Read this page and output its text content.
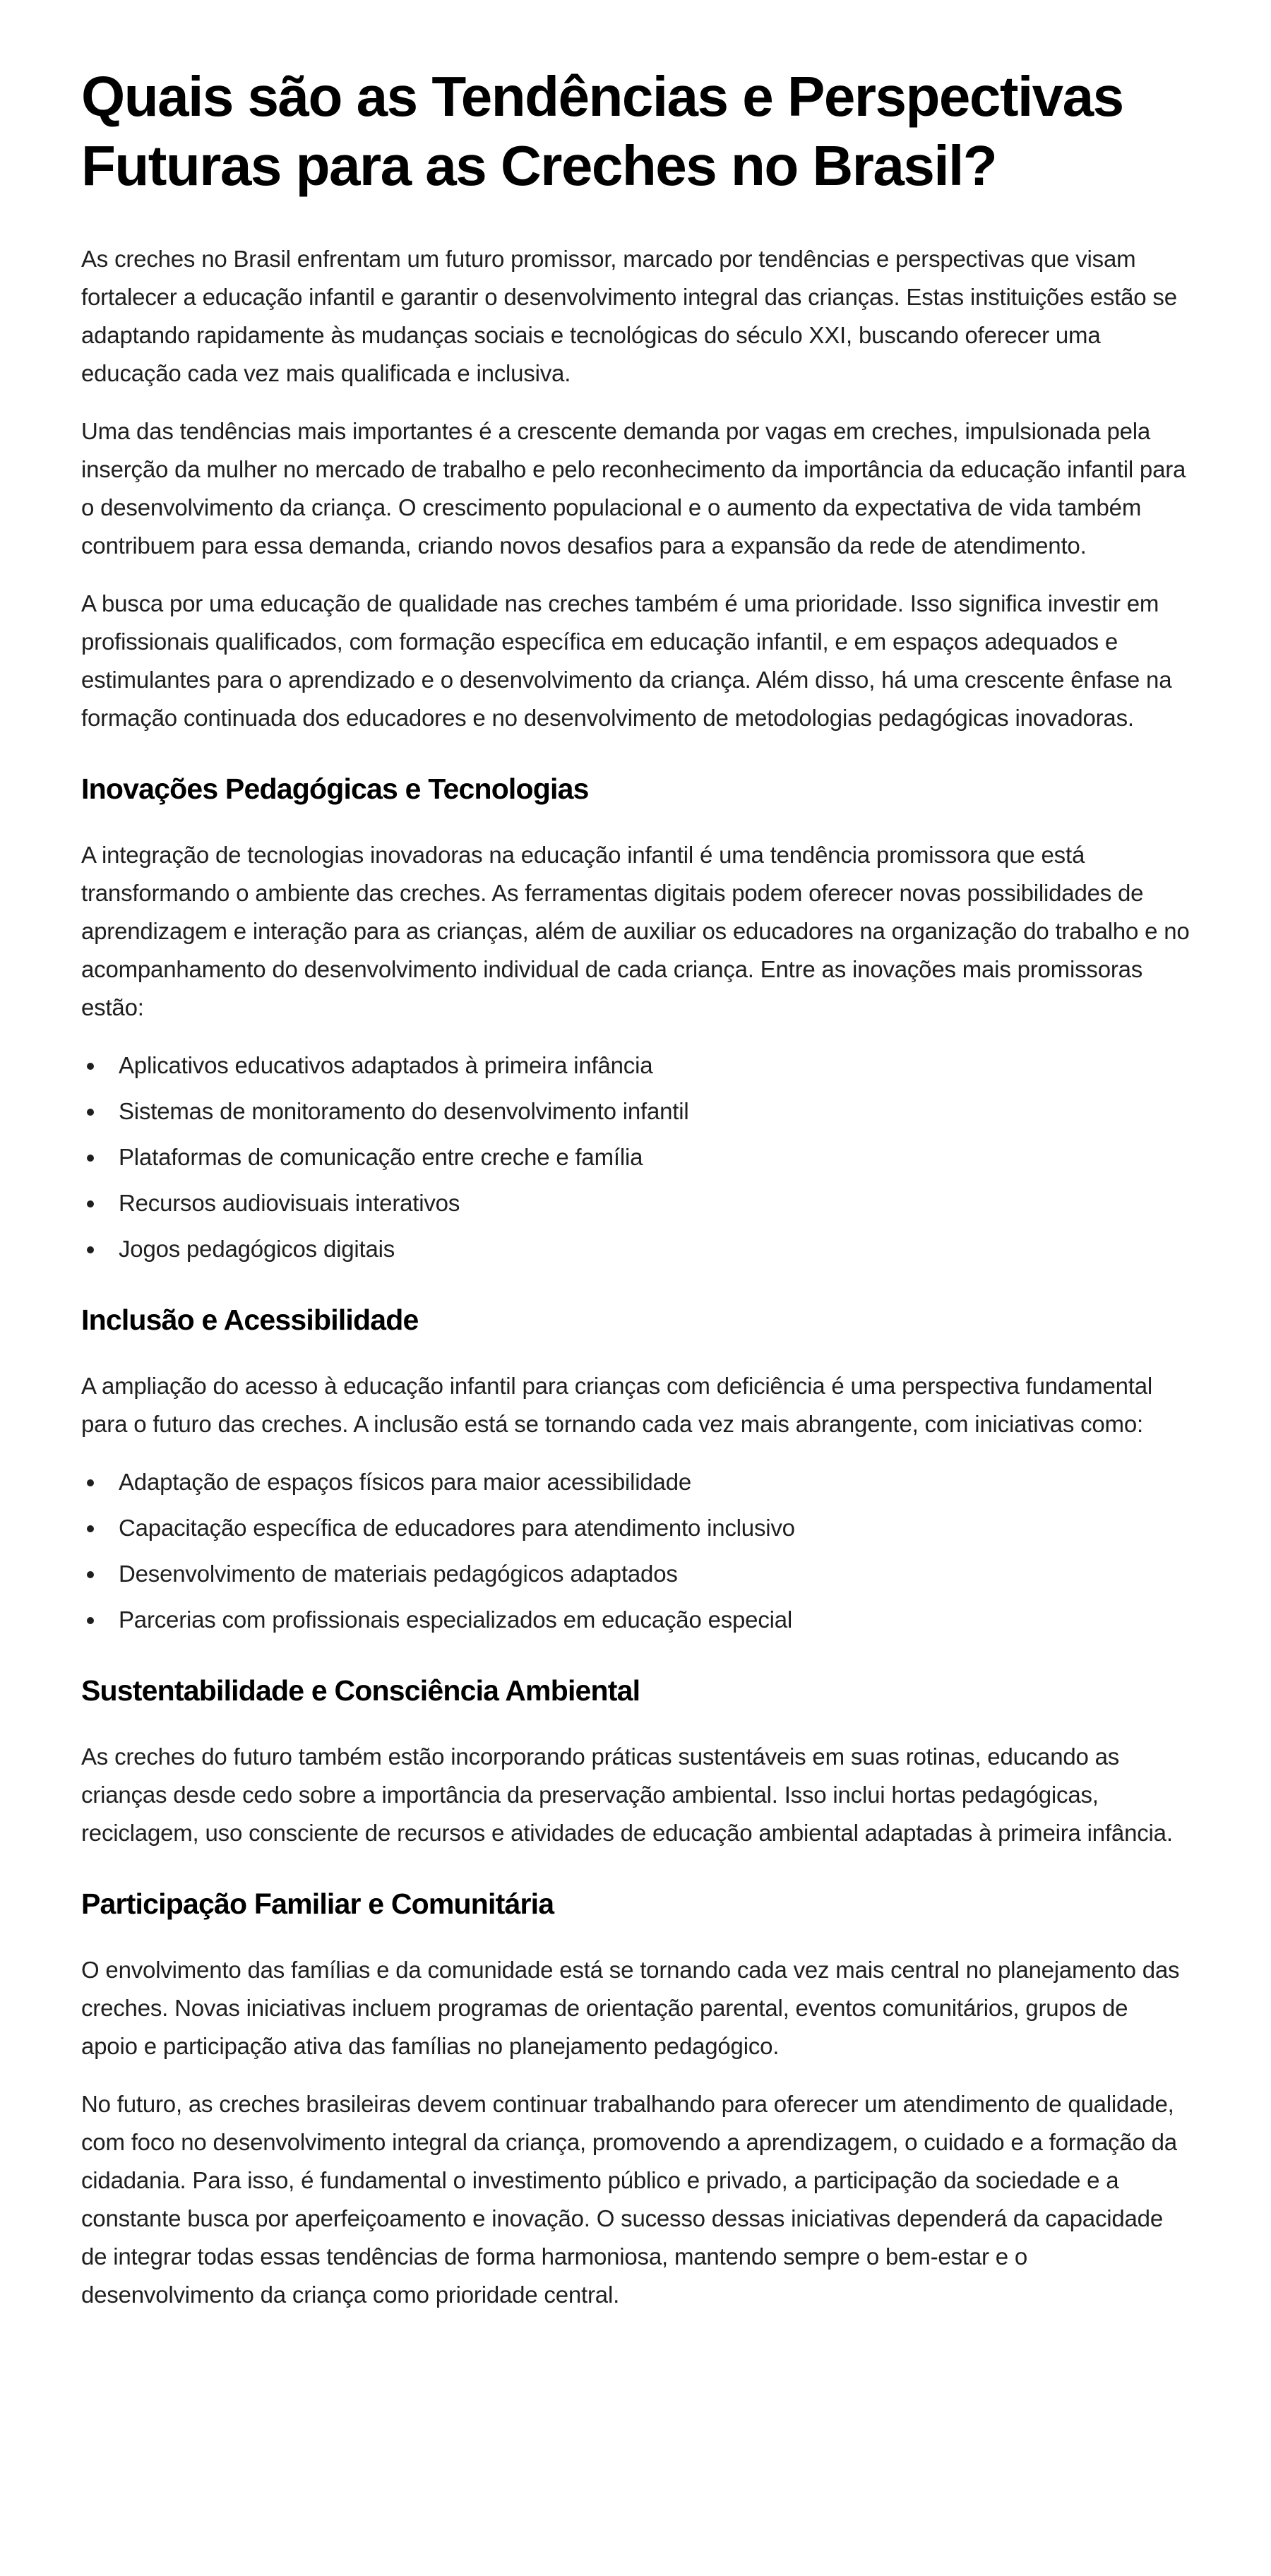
Quais são as Tendências e Perspectivas Futuras para as Creches no Brasil?

As creches no Brasil enfrentam um futuro promissor, marcado por tendências e perspectivas que visam fortalecer a educação infantil e garantir o desenvolvimento integral das crianças. Estas instituições estão se adaptando rapidamente às mudanças sociais e tecnológicas do século XXI, buscando oferecer uma educação cada vez mais qualificada e inclusiva.

Uma das tendências mais importantes é a crescente demanda por vagas em creches, impulsionada pela inserção da mulher no mercado de trabalho e pelo reconhecimento da importância da educação infantil para o desenvolvimento da criança. O crescimento populacional e o aumento da expectativa de vida também contribuem para essa demanda, criando novos desafios para a expansão da rede de atendimento.

A busca por uma educação de qualidade nas creches também é uma prioridade. Isso significa investir em profissionais qualificados, com formação específica em educação infantil, e em espaços adequados e estimulantes para o aprendizado e o desenvolvimento da criança. Além disso, há uma crescente ênfase na formação continuada dos educadores e no desenvolvimento de metodologias pedagógicas inovadoras.

Inovações Pedagógicas e Tecnologias

A integração de tecnologias inovadoras na educação infantil é uma tendência promissora que está transformando o ambiente das creches. As ferramentas digitais podem oferecer novas possibilidades de aprendizagem e interação para as crianças, além de auxiliar os educadores na organização do trabalho e no acompanhamento do desenvolvimento individual de cada criança. Entre as inovações mais promissoras estão:

Aplicativos educativos adaptados à primeira infância
Sistemas de monitoramento do desenvolvimento infantil
Plataformas de comunicação entre creche e família
Recursos audiovisuais interativos
Jogos pedagógicos digitais
Inclusão e Acessibilidade

A ampliação do acesso à educação infantil para crianças com deficiência é uma perspectiva fundamental para o futuro das creches. A inclusão está se tornando cada vez mais abrangente, com iniciativas como:

Adaptação de espaços físicos para maior acessibilidade
Capacitação específica de educadores para atendimento inclusivo
Desenvolvimento de materiais pedagógicos adaptados
Parcerias com profissionais especializados em educação especial
Sustentabilidade e Consciência Ambiental

As creches do futuro também estão incorporando práticas sustentáveis em suas rotinas, educando as crianças desde cedo sobre a importância da preservação ambiental. Isso inclui hortas pedagógicas, reciclagem, uso consciente de recursos e atividades de educação ambiental adaptadas à primeira infância.

Participação Familiar e Comunitária

O envolvimento das famílias e da comunidade está se tornando cada vez mais central no planejamento das creches. Novas iniciativas incluem programas de orientação parental, eventos comunitários, grupos de apoio e participação ativa das famílias no planejamento pedagógico.

No futuro, as creches brasileiras devem continuar trabalhando para oferecer um atendimento de qualidade, com foco no desenvolvimento integral da criança, promovendo a aprendizagem, o cuidado e a formação da cidadania. Para isso, é fundamental o investimento público e privado, a participação da sociedade e a constante busca por aperfeiçoamento e inovação. O sucesso dessas iniciativas dependerá da capacidade de integrar todas essas tendências de forma harmoniosa, mantendo sempre o bem-estar e o desenvolvimento da criança como prioridade central.
